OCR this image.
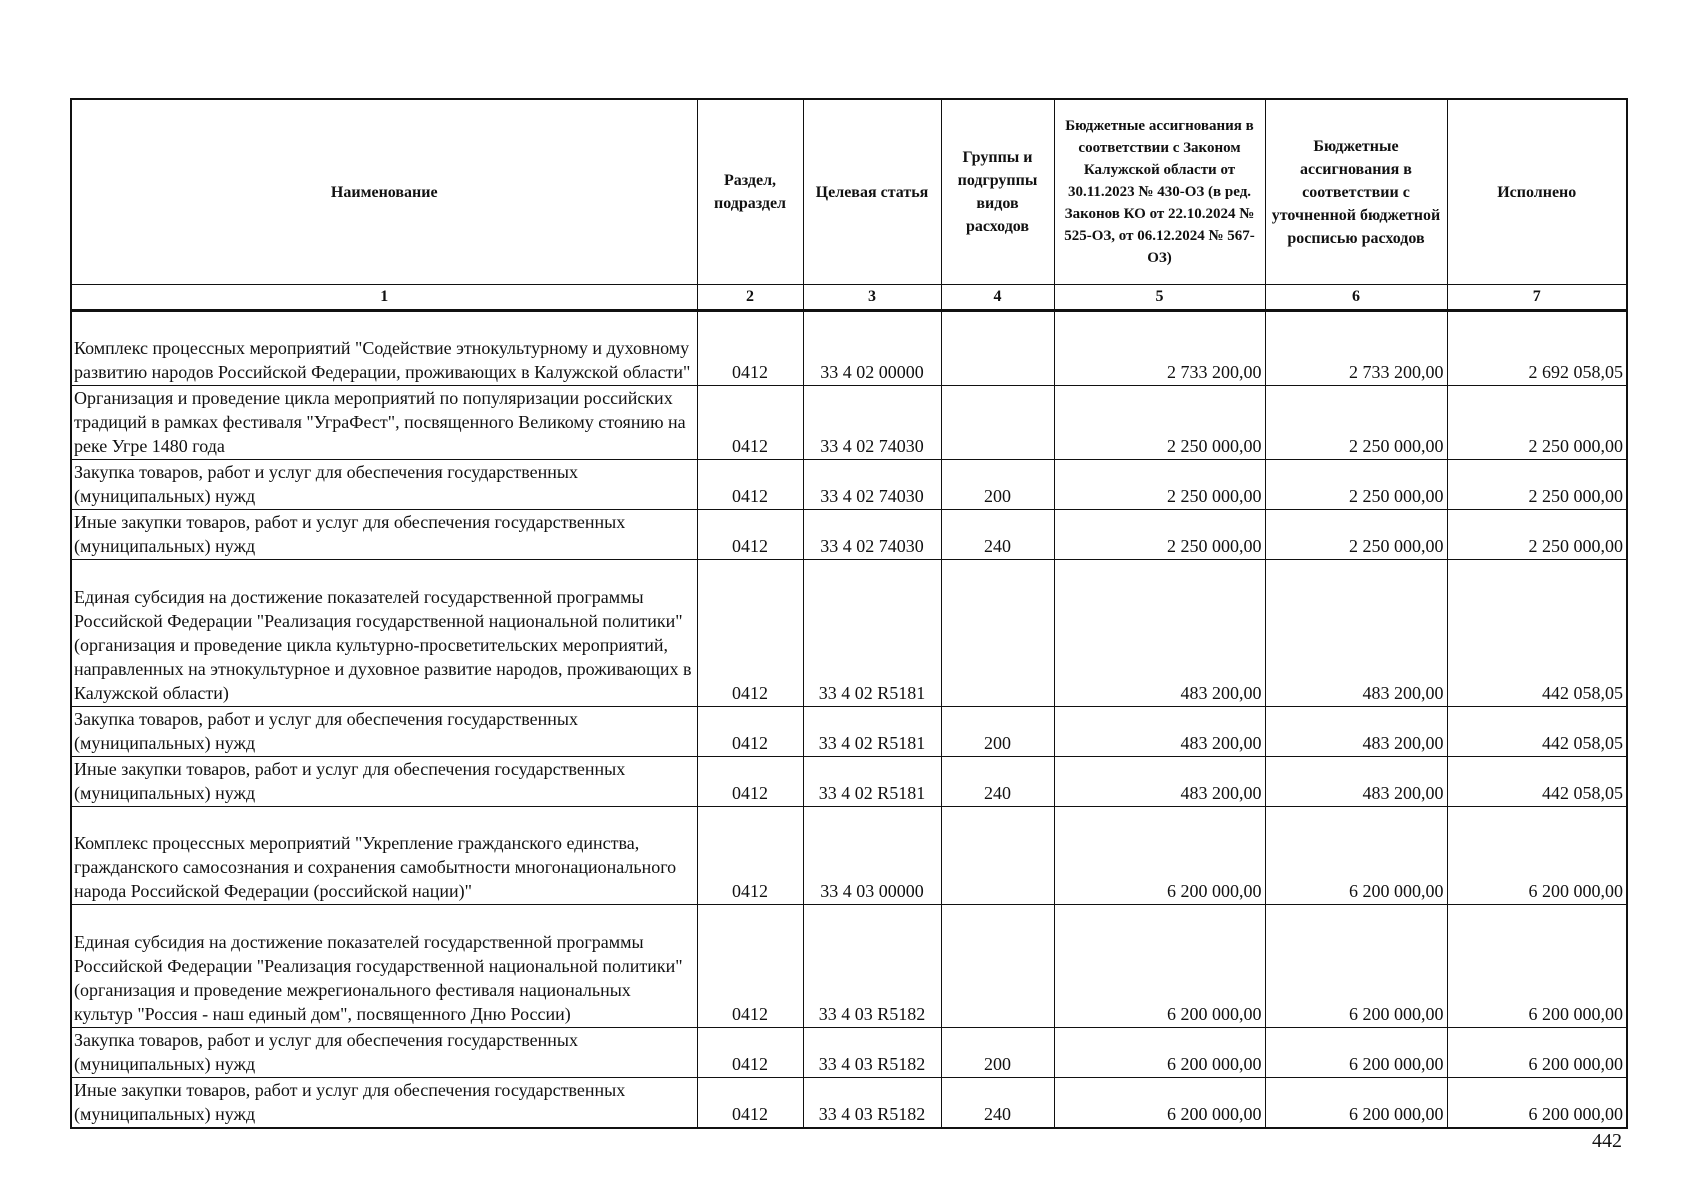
Наименование	Раздел, подраздел	Целевая статья	Группы и подгруппы видов расходов	Бюджетные ассигнования в соответствии с Законом Калужской области от 30.11.2023 № 430-ОЗ (в ред. Законов КО от 22.10.2024 № 525-ОЗ, от 06.12.2024 № 567-ОЗ)	Бюджетные ассигнования в соответствии с уточненной бюджетной росписью расходов	Исполнено
1	2	3	4	5	6	7
Комплекс процессных мероприятий "Содействие этнокультурному и духовному развитию народов Российской Федерации, проживающих в Калужской области"	0412	33 4 02 00000		2 733 200,00	2 733 200,00	2 692 058,05
Организация и проведение цикла мероприятий по популяризации российских традиций в рамках фестиваля "УграФест", посвященного Великому стоянию на реке Угре 1480 года	0412	33 4 02 74030		2 250 000,00	2 250 000,00	2 250 000,00
Закупка товаров, работ и услуг для обеспечения государственных (муниципальных) нужд	0412	33 4 02 74030	200	2 250 000,00	2 250 000,00	2 250 000,00
Иные закупки товаров, работ и услуг для обеспечения государственных (муниципальных) нужд	0412	33 4 02 74030	240	2 250 000,00	2 250 000,00	2 250 000,00
Единая субсидия на достижение показателей государственной программы Российской Федерации "Реализация государственной национальной политики" (организация и проведение цикла культурно-просветительских мероприятий, направленных на этнокультурное и духовное развитие народов, проживающих в Калужской области)	0412	33 4 02 R5181		483 200,00	483 200,00	442 058,05
Закупка товаров, работ и услуг для обеспечения государственных (муниципальных) нужд	0412	33 4 02 R5181	200	483 200,00	483 200,00	442 058,05
Иные закупки товаров, работ и услуг для обеспечения государственных (муниципальных) нужд	0412	33 4 02 R5181	240	483 200,00	483 200,00	442 058,05
Комплекс процессных мероприятий "Укрепление гражданского единства, гражданского самосознания и сохранения самобытности многонационального народа Российской Федерации (российской нации)"	0412	33 4 03 00000		6 200 000,00	6 200 000,00	6 200 000,00
Единая субсидия на достижение показателей государственной программы Российской Федерации "Реализация государственной национальной политики" (организация и проведение межрегионального фестиваля национальных культур "Россия - наш единый дом", посвященного Дню России)	0412	33 4 03 R5182		6 200 000,00	6 200 000,00	6 200 000,00
Закупка товаров, работ и услуг для обеспечения государственных (муниципальных) нужд	0412	33 4 03 R5182	200	6 200 000,00	6 200 000,00	6 200 000,00
Иные закупки товаров, работ и услуг для обеспечения государственных (муниципальных) нужд	0412	33 4 03 R5182	240	6 200 000,00	6 200 000,00	6 200 000,00
442
